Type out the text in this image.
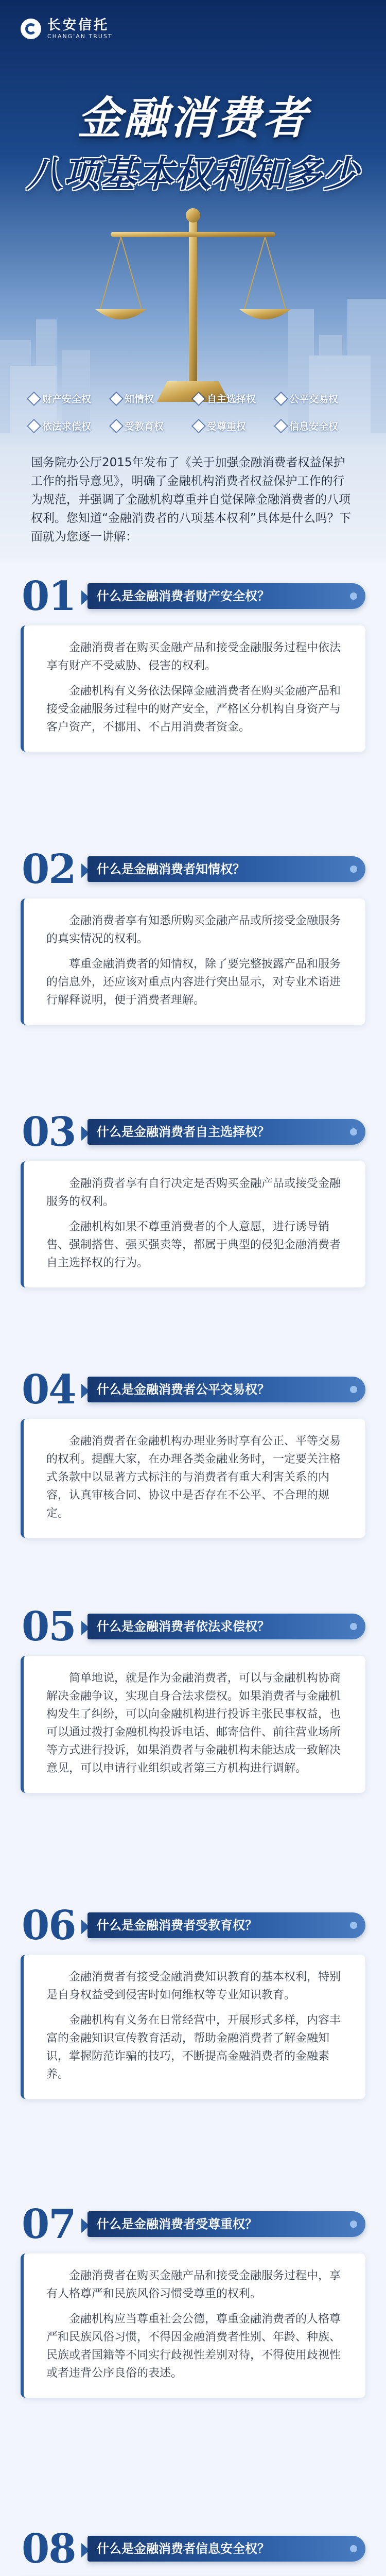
长安信托
CHANG'AN TRUST
金融消费者
八项基本权利知多少
财产安全权	知情权	自主选择权	公平交易权
依法求偿权	受教育权	受尊重权	信息安全权

国务院办公厅2015年发布了《关于加强金融消费者权益保护工作的指导意见》，明确了金融机构消费者权益保护工作的行为规范，并强调了金融机构尊重并自觉保障金融消费者的八项权利。您知道“金融消费者的八项基本权利”具体是什么吗？下面就为您逐一讲解：

01 什么是金融消费者财产安全权？

金融消费者在购买金融产品和接受金融服务过程中依法享有财产不受威胁、侵害的权利。

金融机构有义务依法保障金融消费者在购买金融产品和接受金融服务过程中的财产安全，严格区分机构自身资产与客户资产，不挪用、不占用消费者资金。

02 什么是金融消费者知情权？

金融消费者享有知悉所购买金融产品或所接受金融服务的真实情况的权利。

尊重金融消费者的知情权，除了要完整披露产品和服务的信息外，还应该对重点内容进行突出显示，对专业术语进行解释说明，便于消费者理解。

03 什么是金融消费者自主选择权？

金融消费者享有自行决定是否购买金融产品或接受金融服务的权利。

金融机构如果不尊重消费者的个人意愿，进行诱导销售、强制搭售、强买强卖等，都属于典型的侵犯金融消费者自主选择权的行为。

04 什么是金融消费者公平交易权？

金融消费者在金融机构办理业务时享有公正、平等交易的权利。提醒大家，在办理各类金融业务时，一定要关注格式条款中以显著方式标注的与消费者有重大利害关系的内容，认真审核合同、协议中是否存在不公平、不合理的规定。

05 什么是金融消费者依法求偿权？

简单地说，就是作为金融消费者，可以与金融机构协商解决金融争议，实现自身合法求偿权。如果消费者与金融机构发生了纠纷，可以向金融机构进行投诉主张民事权益，也可以通过拨打金融机构投诉电话、邮寄信件、前往营业场所等方式进行投诉，如果消费者与金融机构未能达成一致解决意见，可以申请行业组织或者第三方机构进行调解。

06 什么是金融消费者受教育权？

金融消费者有接受金融消费知识教育的基本权利，特别是自身权益受到侵害时如何维权等专业知识教育。

金融机构有义务在日常经营中，开展形式多样，内容丰富的金融知识宣传教育活动，帮助金融消费者了解金融知识，掌握防范诈骗的技巧，不断提高金融消费者的金融素养。

07 什么是金融消费者受尊重权？

金融消费者在购买金融产品和接受金融服务过程中，享有人格尊严和民族风俗习惯受尊重的权利。

金融机构应当尊重社会公德，尊重金融消费者的人格尊严和民族风俗习惯，不得因金融消费者性别、年龄、种族、民族或者国籍等不同实行歧视性差别对待，不得使用歧视性或者违背公序良俗的表述。

08 什么是金融消费者信息安全权？
